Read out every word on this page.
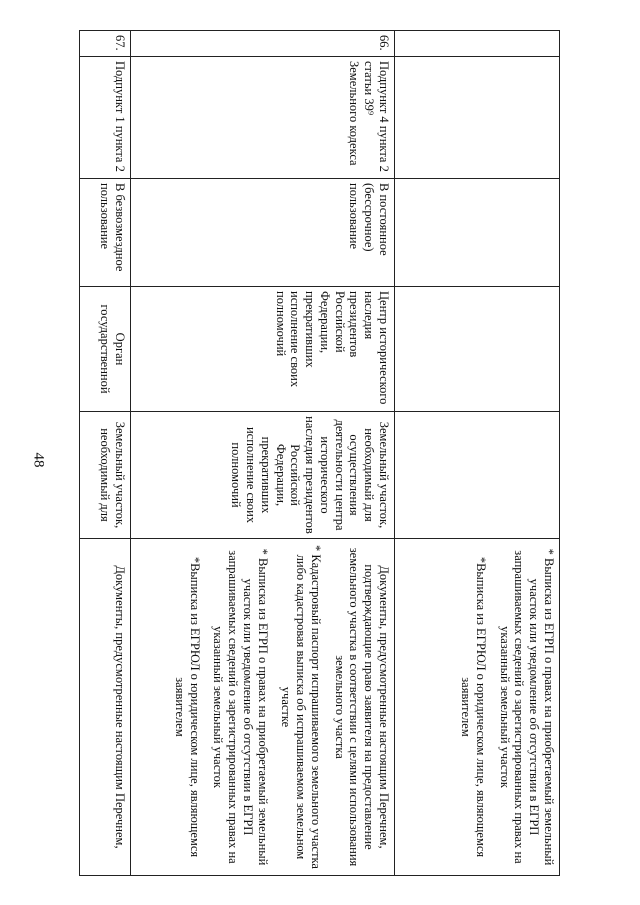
48

					* Выписка из ЕГРП о правах на приобретаемый земельный участок или уведомление об отсутствии в ЕГРП запрашиваемых сведений о зарегистрированных правах на указанный земельный участок

*Выписка из ЕГРЮЛ о юридическом лице, являющемся заявителем

66.	Подпункт 4 пункта 2 статьи 39⁹ Земельного кодекса	В постоянное (бессрочное) пользование	Центр исторического наследия президентов Российской Федерации, прекративших исполнение своих полномочий	Земельный участок, необходимый для осуществления деятельности центра исторического наследия президентов Российской Федерации, прекративших исполнение своих полномочий	Документы, предусмотренные настоящим Перечнем, подтверждающие право заявителя на предоставление земельного участка в соответствии с целями использования земельного участка

* Кадастровый паспорт испрашиваемого земельного участка либо кадастровая выписка об испрашиваемом земельном участке

* Выписка из ЕГРП о правах на приобретаемый земельный участок или уведомление об отсутствии в ЕГРП запрашиваемых сведений о зарегистрированных правах на указанный земельный участок

*Выписка из ЕГРЮЛ о юридическом лице, являющемся заявителем

67.	Подпункт 1 пункта 2	В безвозмездное пользование	Орган государственной	Земельный участок, необходимый для	Документы, предусмотренные настоящим Перечнем,
